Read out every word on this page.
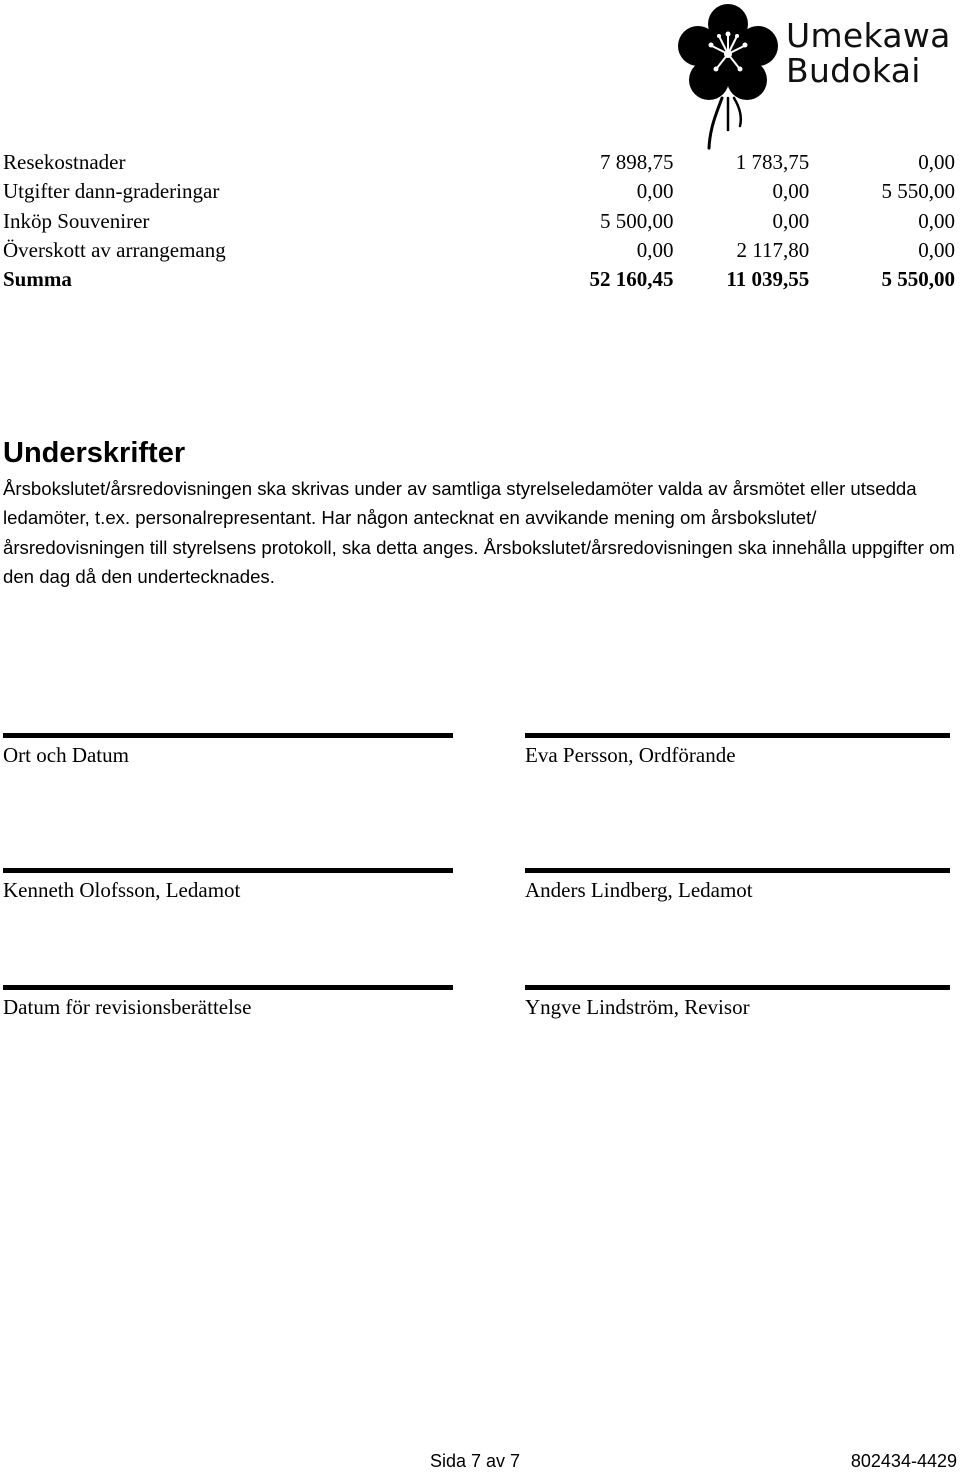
Umekawa
Budokai
Resekostnader	7 898,75	1 783,75	0,00
Utgifter dann-graderingar	0,00	0,00	5 550,00
Inköp Souvenirer	5 500,00	0,00	0,00
Överskott av arrangemang	0,00	2 117,80	0,00
Summa	52 160,45	11 039,55	5 550,00
Underskrifter

Årsbokslutet/årsredovisningen ska skrivas under av samtliga styrelseledamöter valda av årsmötet eller utsedda ledamöter, t.ex. personalrepresentant. Har någon antecknat en avvikande mening om årsbokslutet/årsredovisningen till styrelsens protokoll, ska detta anges. Årsbokslutet/årsredovisningen ska innehålla uppgifter om den dag då den undertecknades.

Ort och Datum	Eva Persson, Ordförande
Kenneth Olofsson, Ledamot	Anders Lindberg, Ledamot
Datum för revisionsberättelse	Yngve Lindström, Revisor
Sida 7 av 7	802434-4429
